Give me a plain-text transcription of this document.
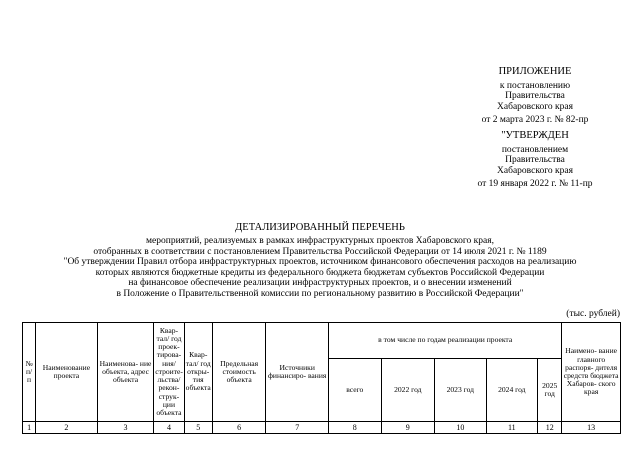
ПРИЛОЖЕНИЕ
к постановлению
Правительства
Хабаровского края
от 2 марта 2023 г. № 82-пр
"УТВЕРЖДЕН
постановлением
Правительства
Хабаровского края
от 19 января 2022 г. № 11-пр
ДЕТАЛИЗИРОВАННЫЙ ПЕРЕЧЕНЬ
мероприятий, реализуемых в рамках инфраструктурных проектов Хабаровского края,
отобранных в соответствии с постановлением Правительства Российской Федерации от 14 июля 2021 г. № 1189
"Об утверждении Правил отбора инфраструктурных проектов, источником финансового обеспечения расходов на реализацию
которых являются бюджетные кредиты из федерального бюджета бюджетам субъектов Российской Федерации
на финансовое обеспечение реализации инфраструктурных проектов, и о внесении изменений
в Положение о Правительственной комиссии по региональному развитию в Российской Федерации"
(тыс. рублей)
№ п/п	Наименование проекта	Наименова- ние объекта, адрес объекта	Квар- тал/ год проек- тирова- ния/ строите- льства/ рекон- струк- ции объекта	Квар- тал/ год откры- тия объекта	Предельная стоимость объекта	Источники финансиро- вания	в том числе по годам реализации проекта					Наимено- вание главного распоря- дителя средств бюджета Хабаров- ского края
							всего	2022 год	2023 год	2024 год	2025 год	
1	2	3	4	5	6	7	8	9	10	11	12	13
